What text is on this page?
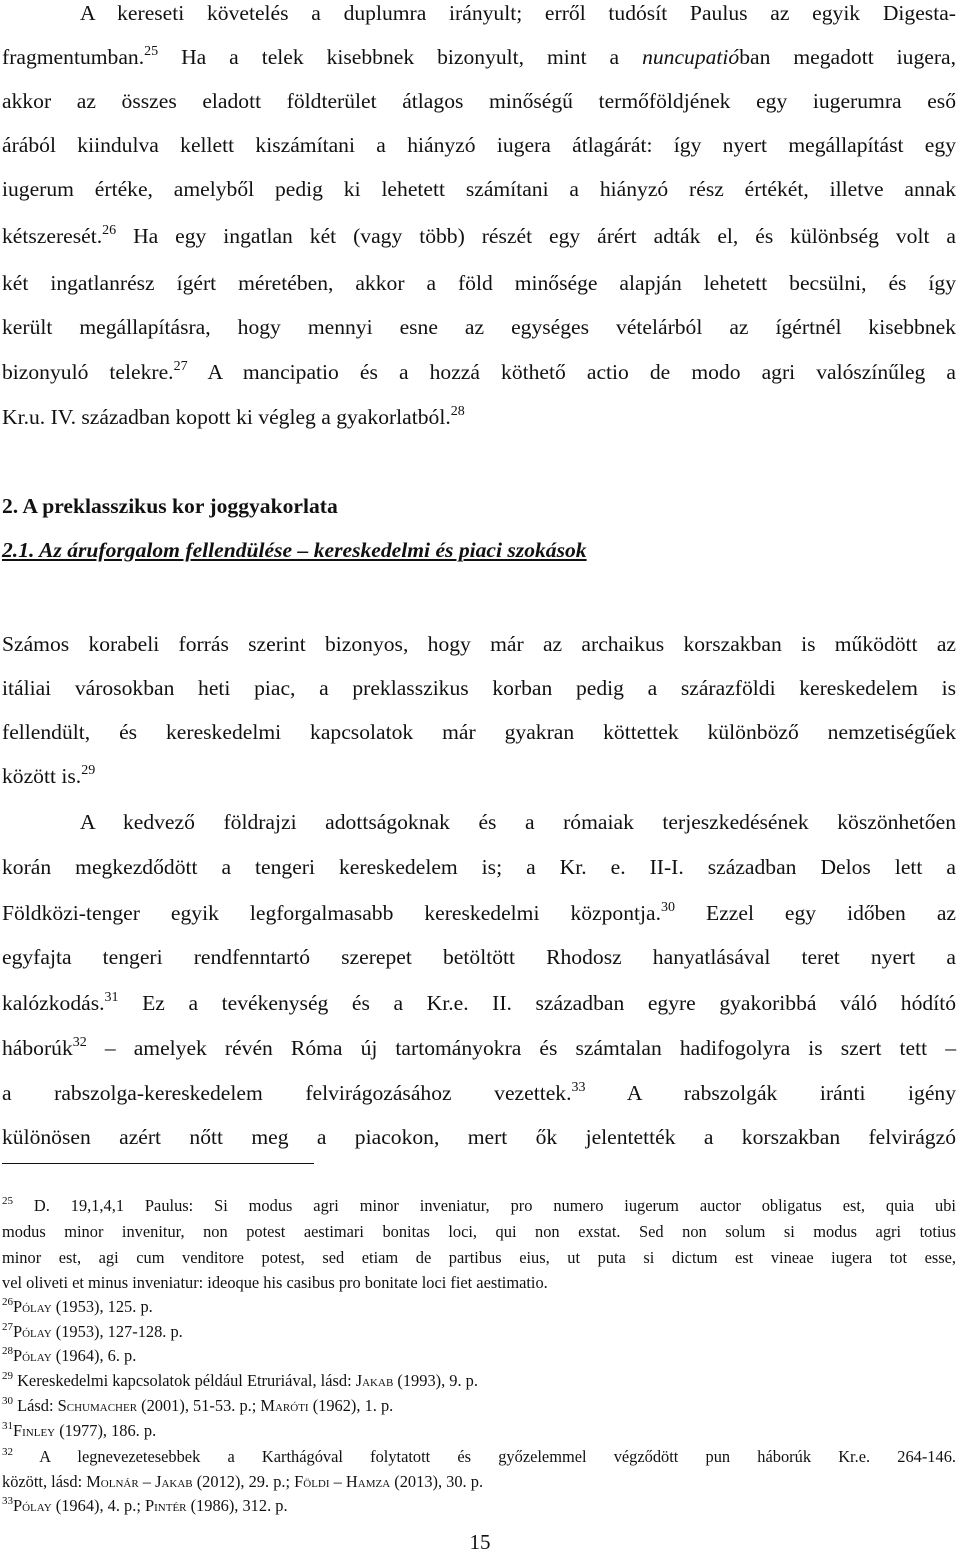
A kereseti követelés a duplumra irányult; erről tudósít Paulus az egyik Digesta-
fragmentumban.$^{25}$ Ha a telek kisebbnek bizonyult, mint a nuncupatióban megadott iugera,
akkor az összes eladott földterület átlagos minőségű termőföldjének egy iugerumra eső
árából kiindulva kellett kiszámítani a hiányzó iugera átlagárát: így nyert megállapítást egy
iugerum értéke, amelyből pedig ki lehetett számítani a hiányzó rész értékét, illetve annak
kétszeresét.$^{26}$ Ha egy ingatlan két (vagy több) részét egy árért adták el, és különbség volt a
két ingatlanrész ígért méretében, akkor a föld minősége alapján lehetett becsülni, és így
került megállapításra, hogy mennyi esne az egységes vételárból az ígértnél kisebbnek
bizonyuló telekre.$^{27}$ A mancipatio és a hozzá köthető actio de modo agri valószínűleg a
Kr.u. IV. században kopott ki végleg a gyakorlatból.$^{28}$
2. A preklasszikus kor joggyakorlata
2.1. Az áruforgalom fellendülése – kereskedelmi és piaci szokások
Számos korabeli forrás szerint bizonyos, hogy már az archaikus korszakban is működött az
itáliai városokban heti piac, a preklasszikus korban pedig a szárazföldi kereskedelem is
fellendült, és kereskedelmi kapcsolatok már gyakran köttettek különböző nemzetiségűek
között is.$^{29}$
A kedvező földrajzi adottságoknak és a rómaiak terjeszkedésének köszönhetően
korán megkezdődött a tengeri kereskedelem is; a Kr. e. II-I. században Delos lett a
Földközi-tenger egyik legforgalmasabb kereskedelmi központja.$^{30}$ Ezzel egy időben az
egyfajta tengeri rendfenntartó szerepet betöltött Rhodosz hanyatlásával teret nyert a
kalózkodás.$^{31}$ Ez a tevékenység és a Kr.e. II. században egyre gyakoribbá váló hódító
háborúk$^{32}$ – amelyek révén Róma új tartományokra és számtalan hadifogolyra is szert tett –
a rabszolga-kereskedelem felvirágozásához vezettek.$^{33}$ A rabszolgák iránti igény
különösen azért nőtt meg a piacokon, mert ők jelentették a korszakban felvirágzó
$^{25}$ D. 19,1,4,1 Paulus: Si modus agri minor inveniatur, pro numero iugerum auctor obligatus est, quia ubi
modus minor invenitur, non potest aestimari bonitas loci, qui non exstat. Sed non solum si modus agri totius
minor est, agi cum venditore potest, sed etiam de partibus eius, ut puta si dictum est vineae iugera tot esse,
vel oliveti et minus inveniatur: ideoque his casibus pro bonitate loci fiet aestimatio.
$^{26}$Pólay (1953), 125. p.
$^{27}$Pólay (1953), 127-128. p.
$^{28}$Pólay (1964), 6. p.
$^{29}$ Kereskedelmi kapcsolatok például Etruriával, lásd: Jakab (1993), 9. p.
$^{30}$ Lásd: Schumacher (2001), 51-53. p.; Maróti (1962), 1. p.
$^{31}$Finley (1977), 186. p.
$^{32}$ A legnevezetesebbek a Karthágóval folytatott és győzelemmel végződött pun háborúk Kr.e. 264-146.
között, lásd: Molnár – Jakab (2012), 29. p.; Földi – Hamza (2013), 30. p.
$^{33}$Pólay (1964), 4. p.; Pintér (1986), 312. p.
15
